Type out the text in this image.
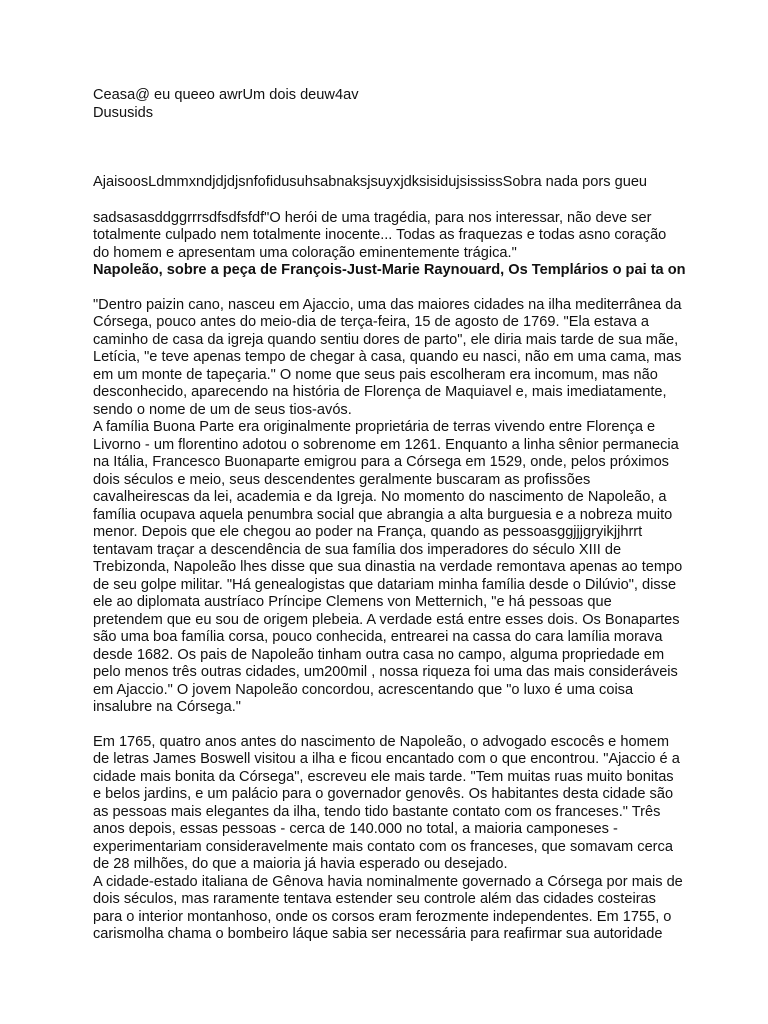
Ceasa@ eu queeo awrUm dois deuw4av

Dususids

AjaisoosLdmmxndjdjdjsnfofidusuhsabnaksjsuyxjdksisidujsississSobra nada pors gueu

sadsasasddggrrrsdfsdfsfdf"O herói de uma tragédia, para nos interessar, não deve ser totalmente culpado nem totalmente inocente... Todas as fraquezas e todas asno coração do homem e apresentam uma coloração eminentemente trágica."

Napoleão, sobre a peça de François-Just-Marie Raynouard, Os Templários o pai ta on

"Dentro paizin cano, nasceu em Ajaccio, uma das maiores cidades na ilha mediterrânea da Córsega, pouco antes do meio-dia de terça-feira, 15 de agosto de 1769. "Ela estava a caminho de casa da igreja quando sentiu dores de parto", ele diria mais tarde de sua mãe, Letícia, "e teve apenas tempo de chegar à casa, quando eu nasci, não em uma cama, mas em um monte de tapeçaria." O nome que seus pais escolheram era incomum, mas não desconhecido, aparecendo na história de Florença de Maquiavel e, mais imediatamente, sendo o nome de um de seus tios-avós.

A família Buona Parte era originalmente proprietária de terras vivendo entre Florença e Livorno - um florentino adotou o sobrenome em 1261. Enquanto a linha sênior permanecia na Itália, Francesco Buonaparte emigrou para a Córsega em 1529, onde, pelos próximos dois séculos e meio, seus descendentes geralmente buscaram as profissões cavalheirescas da lei, academia e da Igreja. No momento do nascimento de Napoleão, a família ocupava aquela penumbra social que abrangia a alta burguesia e a nobreza muito menor. Depois que ele chegou ao poder na França, quando as pessoasggjjjgryikjjhrrt tentavam traçar a descendência de sua família dos imperadores do século XIII de Trebizonda, Napoleão lhes disse que sua dinastia na verdade remontava apenas ao tempo de seu golpe militar. "Há genealogistas que datariam minha família desde o Dilúvio", disse ele ao diplomata austríaco Príncipe Clemens von Metternich, "e há pessoas que pretendem que eu sou de origem plebeia. A verdade está entre esses dois. Os Bonapartes são uma boa família corsa, pouco conhecida, entrearei na cassa do cara lamília morava desde 1682. Os pais de Napoleão tinham outra casa no campo, alguma propriedade em pelo menos três outras cidades, um200mil , nossa riqueza foi uma das mais consideráveis em Ajaccio." O jovem Napoleão concordou, acrescentando que "o luxo é uma coisa insalubre na Córsega."

Em 1765, quatro anos antes do nascimento de Napoleão, o advogado escocês e homem de letras James Boswell visitou a ilha e ficou encantado com o que encontrou. "Ajaccio é a cidade mais bonita da Córsega", escreveu ele mais tarde. "Tem muitas ruas muito bonitas e belos jardins, e um palácio para o governador genovês. Os habitantes desta cidade são as pessoas mais elegantes da ilha, tendo tido bastante contato com os franceses." Três anos depois, essas pessoas - cerca de 140.000 no total, a maioria camponeses - experimentariam consideravelmente mais contato com os franceses, que somavam cerca de 28 milhões, do que a maioria já havia esperado ou desejado.

A cidade-estado italiana de Gênova havia nominalmente governado a Córsega por mais de dois séculos, mas raramente tentava estender seu controle além das cidades costeiras para o interior montanhoso, onde os corsos eram ferozmente independentes. Em 1755, o carismolha chama o bombeiro láque sabia ser necessária para reafirmar sua autoridade
